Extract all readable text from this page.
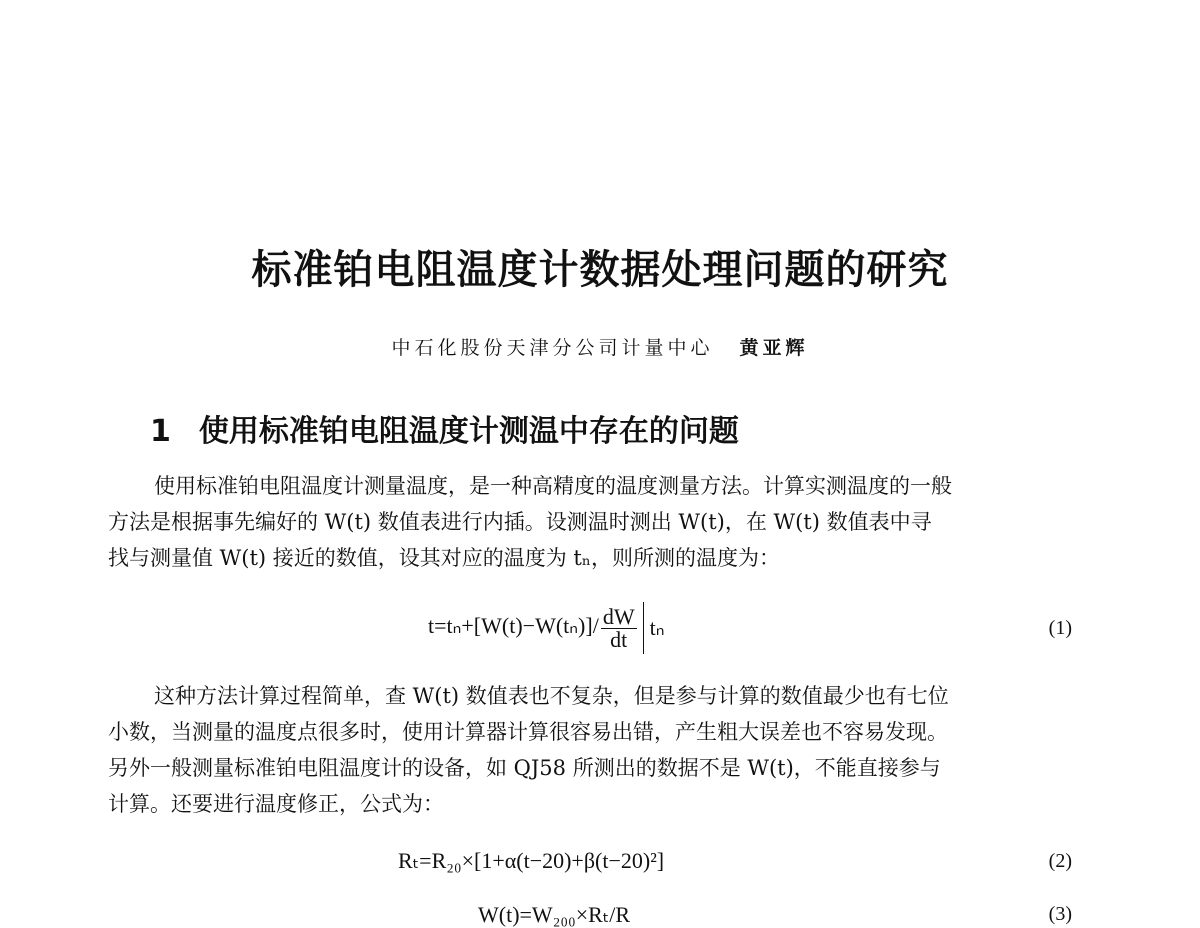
标准铂电阻温度计数据处理问题的研究
中石化股份天津分公司计量中心 黄亚辉
1 使用标准铂电阻温度计测温中存在的问题

使用标准铂电阻温度计测量温度，是一种高精度的温度测量方法。计算实测温度的一般
方法是根据事先编好的 W(t) 数值表进行内插。设测温时测出 W(t)，在 W(t) 数值表中寻
找与测量值 W(t) 接近的数值，设其对应的温度为 tₙ，则所测的温度为：

$t=t_n+[W(t)-W(t_n)]/ \frac{dW}{dt}$ tₙ	(1)

这种方法计算过程简单，查 W(t) 数值表也不复杂，但是参与计算的数值最少也有七位
小数，当测量的温度点很多时，使用计算器计算很容易出错，产生粗大误差也不容易发现。
另外一般测量标准铂电阻温度计的设备，如 QJ58 所测出的数据不是 W(t)，不能直接参与
计算。还要进行温度修正，公式为：

Rₜ=R₂₀×[1+α(t−20)+β(t−20)²]	(2)
W(t)=W₂₀₀×Rₜ/R	(3)
